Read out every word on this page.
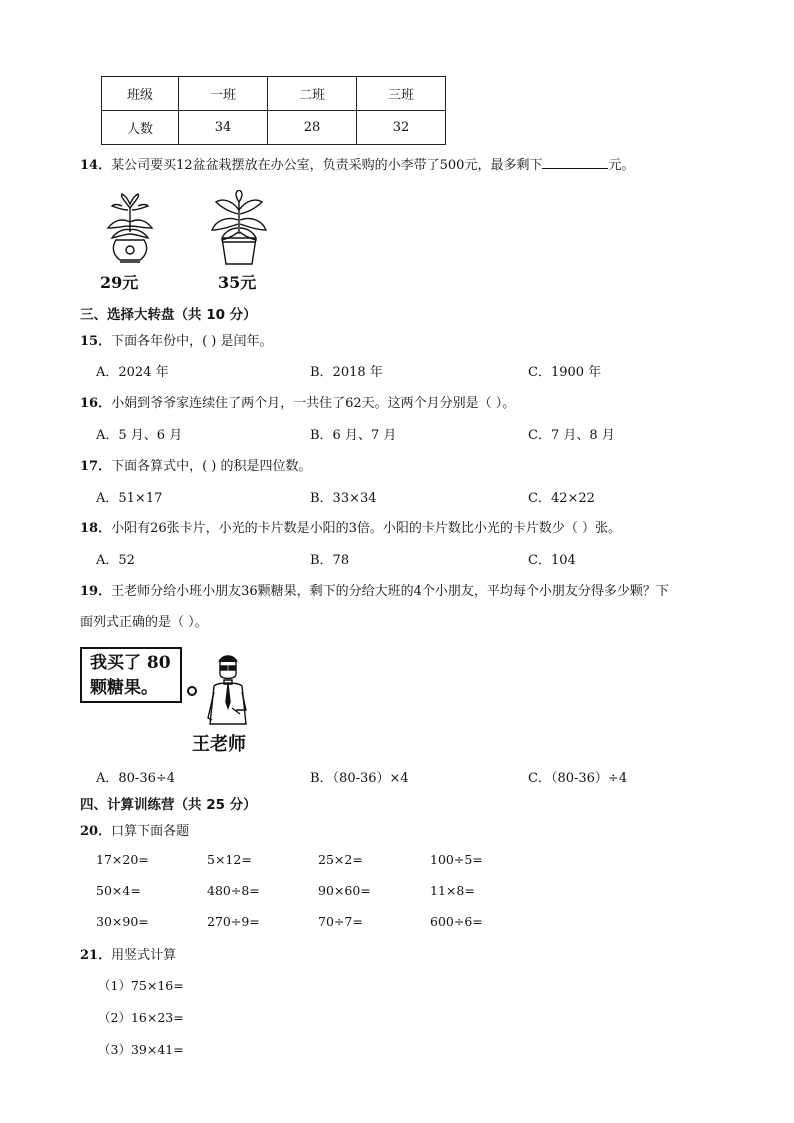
班级	一班	二班	三班
人数	34	28	32
14．某公司要买12盆盆栽摆放在办公室，负责采购的小李带了500元，最多剩下	元。
29元	35元
三、选择大转盘（共 10 分）
15．下面各年份中，( ) 是闰年。
A．2024 年	B．2018 年	C．1900 年
16．小娟到爷爷家连续住了两个月，一共住了62天。这两个月分别是（ ）。
A．5 月、6 月	B．6 月、7 月	C．7 月、8 月
17．下面各算式中，( ) 的积是四位数。
A．51×17	B．33×34	C．42×22
18．小阳有26张卡片，小光的卡片数是小阳的3倍。小阳的卡片数比小光的卡片数少（ ）张。
A．52	B．78	C．104
19．王老师分给小班小朋友36颗糖果，剩下的分给大班的4个小朋友，平均每个小朋友分得多少颗？下
面列式正确的是（ ）。
我买了 80
颗糖果。
王老师
A．80-36÷4	B．（80-36）×4	C．（80-36）÷4
四、计算训练营（共 25 分）
20．口算下面各题
17×20=	5×12=	25×2=	100÷5=
50×4=	480÷8=	90×60=	11×8=
30×90=	270÷9=	70÷7=	600÷6=
21．用竖式计算
（1）75×16=
（2）16×23=
（3）39×41=
